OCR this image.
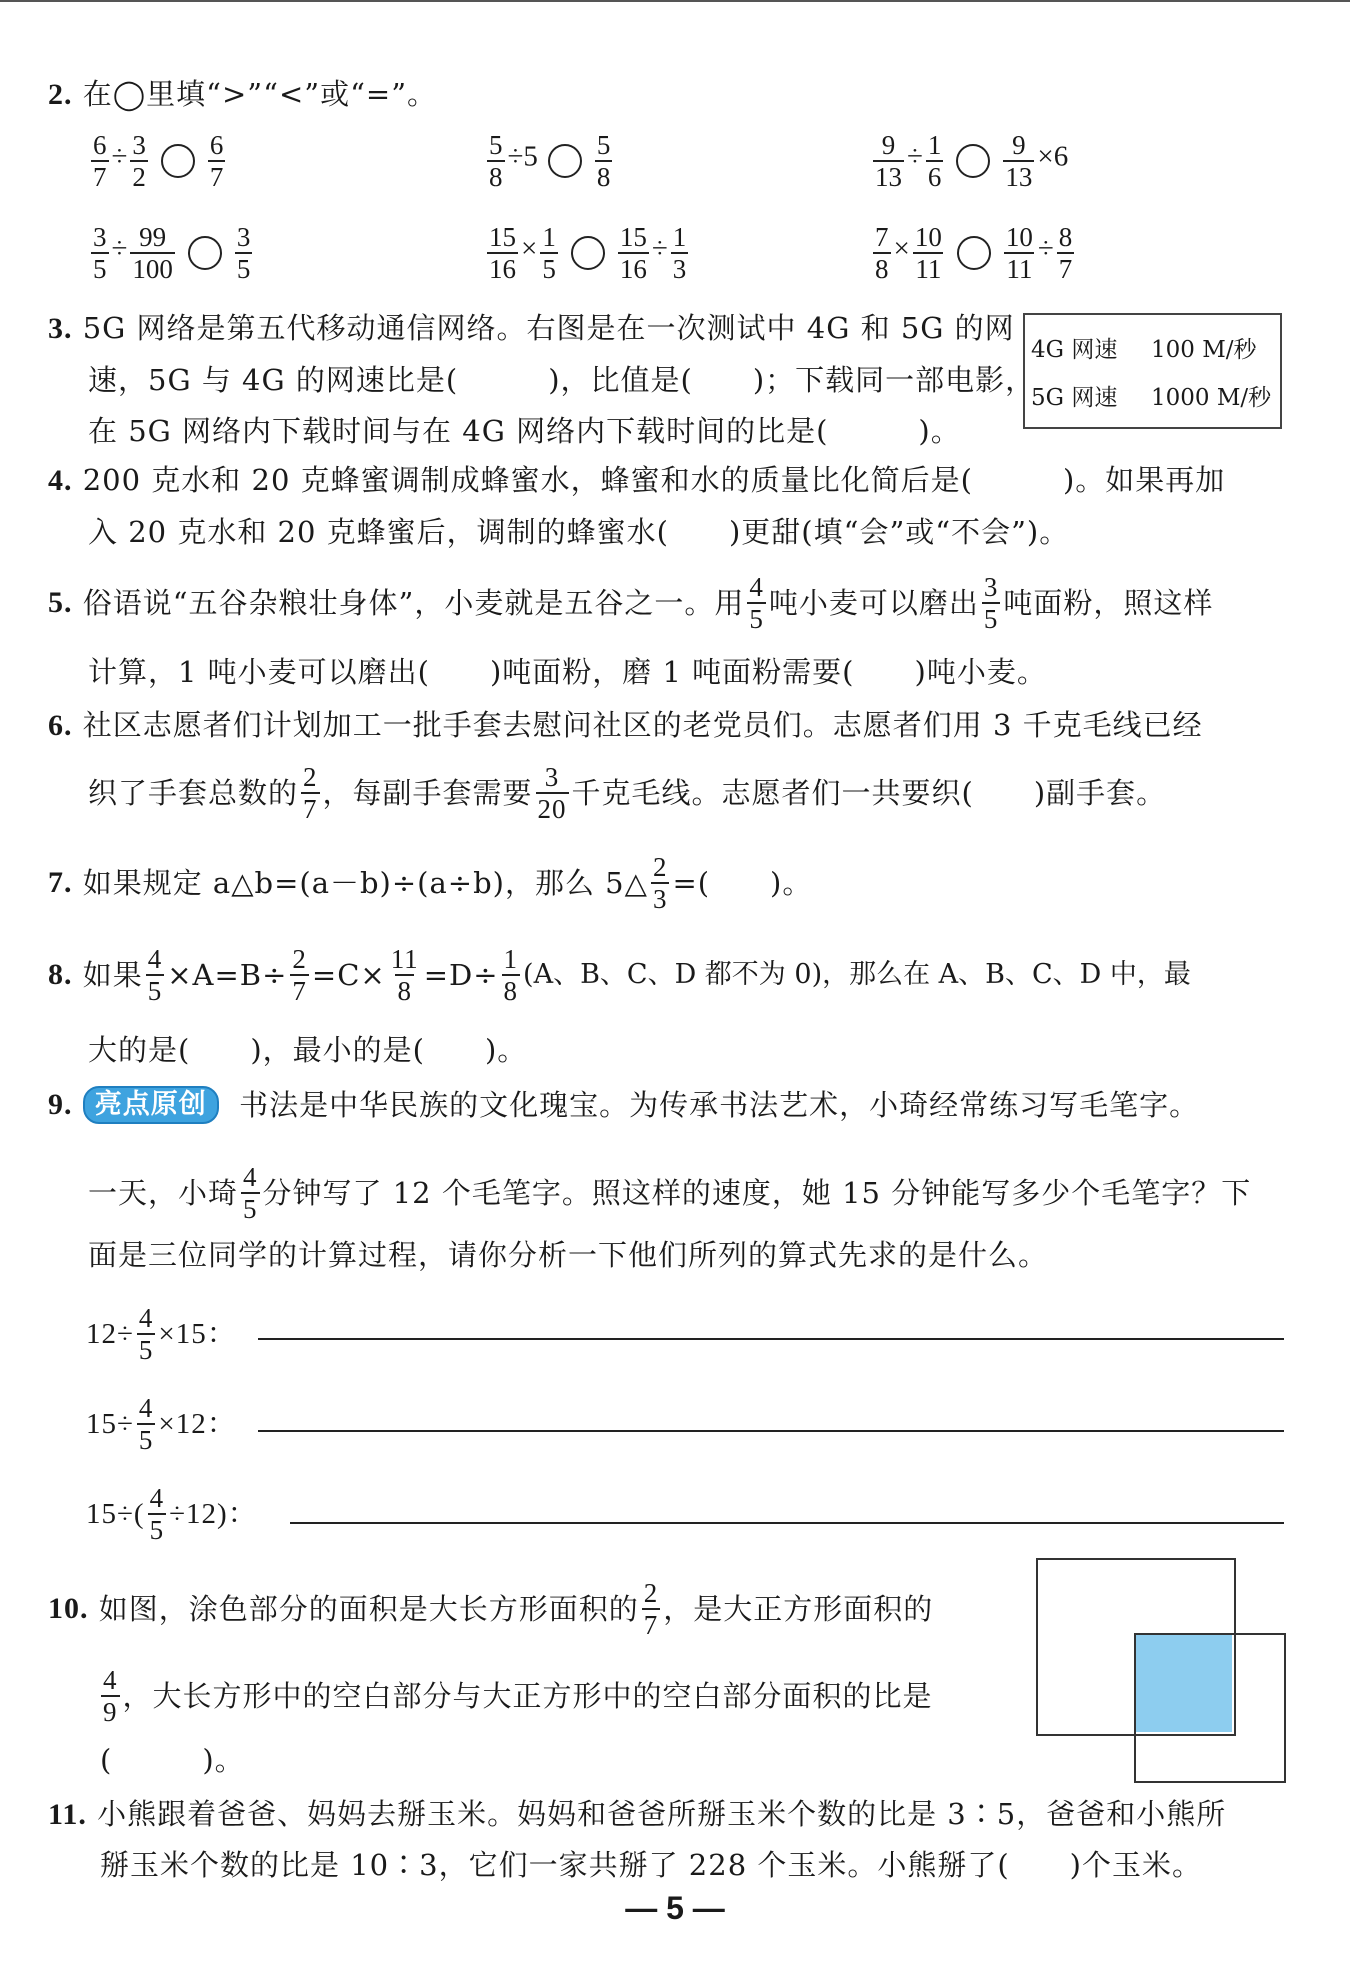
2. 在◯里填“>”“<”或“=”。
$\frac{6}{7} \div \frac{3}{2} \frac{6}{7}$	$\frac{5}{8} \div 5 \frac{5}{8}$	$\frac{9}{13} \div \frac{1}{6} \frac{9}{13} \times 6$
$\frac{3}{5} \div \frac{99}{100} \frac{3}{5}$	$\frac{15}{16} \times \frac{1}{5} \frac{15}{16} \div \frac{1}{3}$	$\frac{7}{8} \times \frac{10}{11} \frac{10}{11} \div \frac{8}{7}$
3. 5G 网络是第五代移动通信网络。右图是在一次测试中 4G 和 5G 的网
速，5G 与 4G 的网速比是(　　　)，比值是(　　)；下载同一部电影，
在 5G 网络内下载时间与在 4G 网络内下载时间的比是(　　　)。
4G 网速 100 M/秒
5G 网速 1000 M/秒
4. 200 克水和 20 克蜂蜜调制成蜂蜜水，蜂蜜和水的质量比化简后是(　　　)。如果再加
入 20 克水和 20 克蜂蜜后，调制的蜂蜜水(　　)更甜(填“会”或“不会”)。
5.
俗语说“五谷杂粮壮身体”，小麦就是五谷之一。用 $\frac{4}{5}$ 吨小麦可以磨出 $\frac{3}{5}$ 吨面粉，照这样
计算，1 吨小麦可以磨出(　　)吨面粉，磨 1 吨面粉需要(　　)吨小麦。
6. 社区志愿者们计划加工一批手套去慰问社区的老党员们。志愿者们用 3 千克毛线已经
织了手套总数的 $\frac{2}{7}$ ，每副手套需要 $\frac{3}{20}$ 千克毛线。志愿者们一共要织(　　)副手套。
7.
如果规定 a△b=(a－b)÷(a÷b)，那么 5△ $\frac{2}{3}$ =(　　)。
8.
如果 $\frac{4}{5} \times A=B\div \frac{2}{7} =C\times \frac{11}{8} =D\div \frac{1}{8} (A$、B、C、D 都不为 0)，那么在 A、B、C、D 中，最
大的是(　　)，最小的是(　　)。
9.
亮点原创
	书法是中华民族的文化瑰宝。为传承书法艺术，小琦经常练习写毛笔字。
一天，小琦 $\frac{4}{5}$ 分钟写了 12 个毛笔字。照这样的速度，她 15 分钟能写多少个毛笔字？下
面是三位同学的计算过程，请你分析一下他们所列的算式先求的是什么。
$12\div \frac{4}{5} \times 15$：
$15\div \frac{4}{5} \times 12$：
$15\div( \frac{4}{5} \div 12)$：
10.
如图，涂色部分的面积是大长方形面积的 $\frac{2}{7}$ ，是大正方形面积的
$\frac{4}{9}$ ，大长方形中的空白部分与大正方形中的空白部分面积的比是
(　　　)。
11. 小熊跟着爸爸、妈妈去掰玉米。妈妈和爸爸所掰玉米个数的比是 3∶5，爸爸和小熊所
掰玉米个数的比是 10∶3，它们一家共掰了 228 个玉米。小熊掰了(　　)个玉米。
— 5 —
